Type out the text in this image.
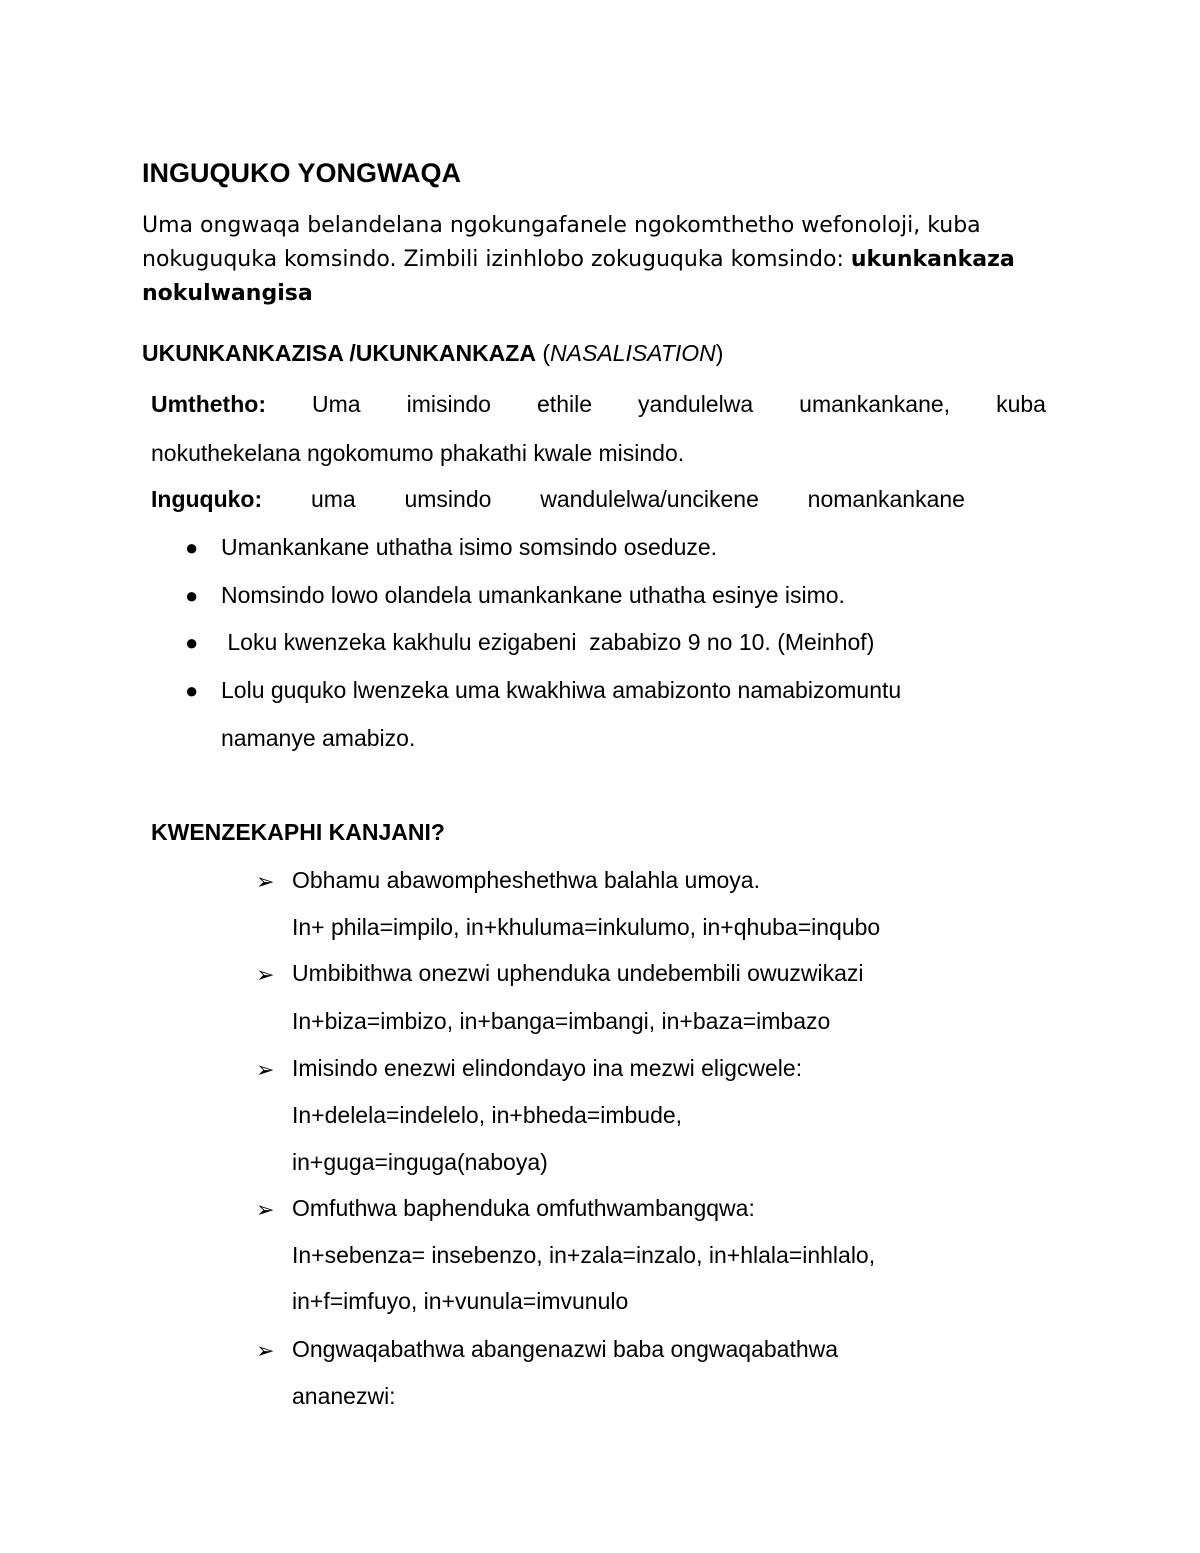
INGUQUKO YONGWAQA
Uma ongwaqa belandelana ngokungafanele ngokomthetho wefonoloji, kuba
nokuguquka komsindo. Zimbili izinhlobo zokuguquka komsindo: ukunkankaza
nokulwangisa
UKUNKANKAZISA /UKUNKANKAZA (NASALISATION)
Umthetho: Uma imisindo ethile yandulelwa umankankane, kuba
nokuthekelana ngokomumo phakathi kwale misindo.
Inguquko: uma umsindo wandulelwa/uncikene nomankankane
● Umankankane uthatha isimo somsindo oseduze.
● Nomsindo lowo olandela umankankane uthatha esinye isimo.
● Loku kwenzeka kakhulu ezigabeni  zababizo 9 no 10. (Meinhof)
● Lolu guquko lwenzeka uma kwakhiwa amabizonto namabizomuntu
namanye amabizo.
KWENZEKAPHI KANJANI?
➢ Obhamu abawompheshethwa balahla umoya.
In+ phila=impilo, in+khuluma=inkulumo, in+qhuba=inqubo
➢ Umbibithwa onezwi uphenduka undebembili owuzwikazi
In+biza=imbizo, in+banga=imbangi, in+baza=imbazo
➢ Imisindo enezwi elindondayo ina mezwi eligcwele:
In+delela=indelelo, in+bheda=imbude,
in+guga=inguga(naboya)
➢ Omfuthwa baphenduka omfuthwambangqwa:
In+sebenza= insebenzo, in+zala=inzalo, in+hlala=inhlalo,
in+f=imfuyo, in+vunula=imvunulo
➢ Ongwaqabathwa abangenazwi baba ongwaqabathwa
ananezwi:
